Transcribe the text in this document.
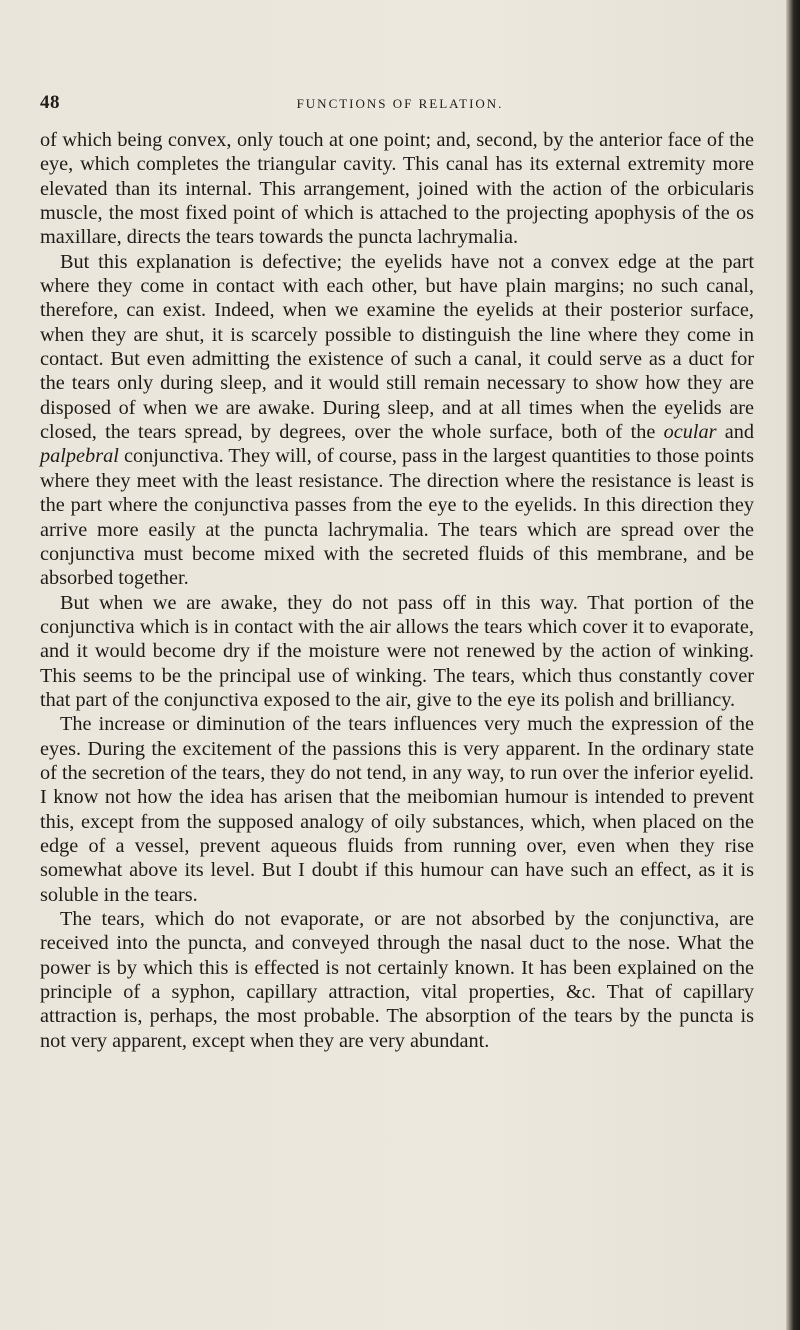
48	FUNCTIONS OF RELATION.

of which being convex, only touch at one point; and, second, by the anterior face of the eye, which completes the triangular cavity. This canal has its external extremity more elevated than its internal. This arrangement, joined with the action of the orbicularis muscle, the most fixed point of which is attached to the projecting apophysis of the os maxillare, directs the tears towards the puncta lachrymalia.

But this explanation is defective; the eyelids have not a convex edge at the part where they come in contact with each other, but have plain margins; no such canal, therefore, can exist. Indeed, when we examine the eyelids at their posterior surface, when they are shut, it is scarcely possible to distinguish the line where they come in contact. But even admitting the existence of such a canal, it could serve as a duct for the tears only during sleep, and it would still remain necessary to show how they are disposed of when we are awake. During sleep, and at all times when the eyelids are closed, the tears spread, by degrees, over the whole surface, both of the ocular and palpebral conjunctiva. They will, of course, pass in the largest quantities to those points where they meet with the least resistance. The direction where the resistance is least is the part where the conjunctiva passes from the eye to the eyelids. In this direction they arrive more easily at the puncta lachrymalia. The tears which are spread over the conjunctiva must become mixed with the secreted fluids of this membrane, and be absorbed together.

But when we are awake, they do not pass off in this way. That portion of the conjunctiva which is in contact with the air allows the tears which cover it to evaporate, and it would become dry if the moisture were not renewed by the action of winking. This seems to be the principal use of winking. The tears, which thus constantly cover that part of the conjunctiva exposed to the air, give to the eye its polish and brilliancy.

The increase or diminution of the tears influences very much the expression of the eyes. During the excitement of the passions this is very apparent. In the ordinary state of the secretion of the tears, they do not tend, in any way, to run over the inferior eyelid. I know not how the idea has arisen that the meibomian humour is intended to prevent this, except from the supposed analogy of oily substances, which, when placed on the edge of a vessel, prevent aqueous fluids from running over, even when they rise somewhat above its level. But I doubt if this humour can have such an effect, as it is soluble in the tears.

The tears, which do not evaporate, or are not absorbed by the conjunctiva, are received into the puncta, and conveyed through the nasal duct to the nose. What the power is by which this is effected is not certainly known. It has been explained on the principle of a syphon, capillary attraction, vital properties, &c. That of capillary attraction is, perhaps, the most probable. The absorption of the tears by the puncta is not very apparent, except when they are very abundant.
